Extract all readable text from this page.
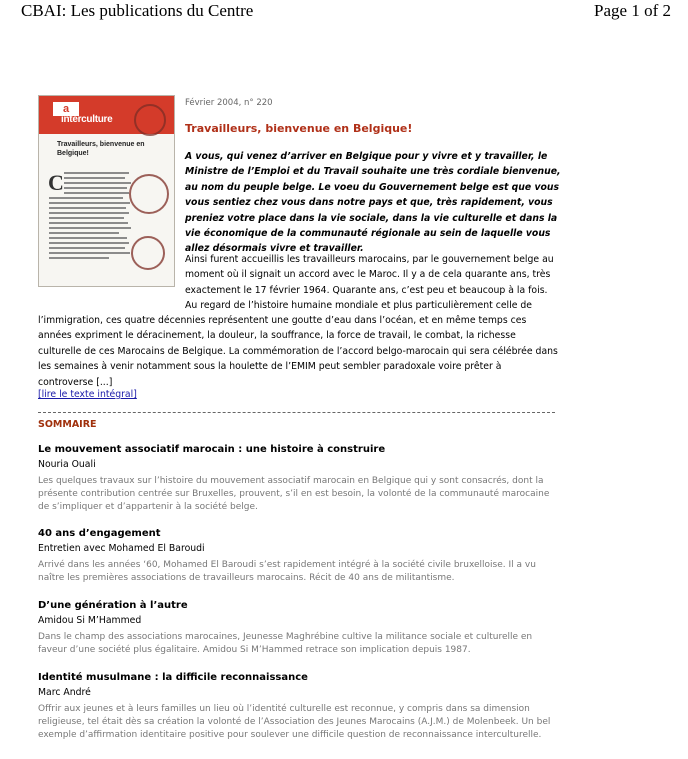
CBAI: Les publications du Centre	Page 1 of 2
a
interculture
Travailleurs, bienvenue en Belgique!
C
Février 2004, n° 220
Travailleurs, bienvenue en Belgique!
A vous, qui venez d’arriver en Belgique pour y vivre et y travailler, le Ministre de l’Emploi et du Travail souhaite une très cordiale bienvenue, au nom du peuple belge. Le voeu du Gouvernement belge est que vous vous sentiez chez vous dans notre pays et que, très rapidement, vous preniez votre place dans la vie sociale, dans la vie culturelle et dans la vie économique de la communauté régionale au sein de laquelle vous allez désormais vivre et travailler.
Ainsi furent accueillis les travailleurs marocains, par le gouvernement belge au moment où il signait un accord avec le Maroc. Il y a de cela quarante ans, très exactement le 17 février 1964. Quarante ans, c’est peu et beaucoup à la fois. Au regard de l’histoire humaine mondiale et plus particulièrement celle de
l’immigration, ces quatre décennies représentent une goutte d’eau dans l’océan, et en même temps ces années expriment le déracinement, la douleur, la souffrance, la force de travail, le combat, la richesse culturelle de ces Marocains de Belgique. La commémoration de l’accord belgo-marocain qui sera célébrée dans les semaines à venir notamment sous la houlette de l’EMIM peut sembler paradoxale voire prêter à controverse [...]
[lire le texte intégral]
SOMMAIRE
Le mouvement associatif marocain : une histoire à construire
Nouria Ouali
Les quelques travaux sur l’histoire du mouvement associatif marocain en Belgique qui y sont consacrés, dont la présente contribution centrée sur Bruxelles, prouvent, s’il en est besoin, la volonté de la communauté marocaine de s’impliquer et d’appartenir à la société belge.
40 ans d’engagement
Entretien avec Mohamed El Baroudi
Arrivé dans les années ‘60, Mohamed El Baroudi s’est rapidement intégré à la société civile bruxelloise. Il a vu naître les premières associations de travailleurs marocains. Récit de 40 ans de militantisme.
D’une génération à l’autre
Amidou Si M’Hammed
Dans le champ des associations marocaines, Jeunesse Maghrébine cultive la militance sociale et culturelle en faveur d’une société plus égalitaire. Amidou Si M’Hammed retrace son implication depuis 1987.
Identité musulmane : la difficile reconnaissance
Marc André
Offrir aux jeunes et à leurs familles un lieu où l’identité culturelle est reconnue, y compris dans sa dimension religieuse, tel était dès sa création la volonté de l’Association des Jeunes Marocains (A.J.M.) de Molenbeek. Un bel exemple d’affirmation identitaire positive pour soulever une difficile question de reconnaissance interculturelle.
